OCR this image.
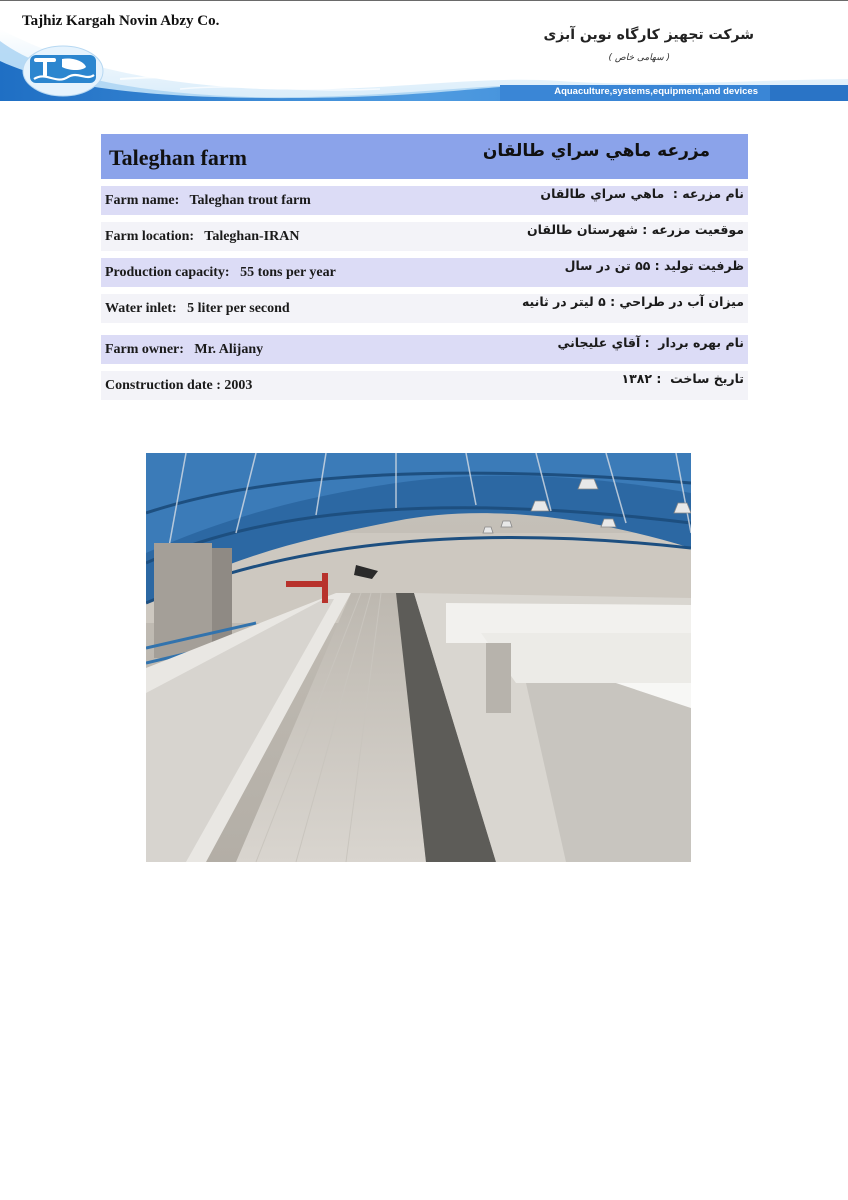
Tajhiz Kargah Novin Abzy Co.
شرکت تجهیز کارگاه نوین آبزی
( سهامی خاص )
Aquaculture,systems,equipment,and devices
Taleghan farm	مزرعه ماهي سراي طالقان
Farm name:   Taleghan trout farm	نام مزرعه :  ماهي سراي طالقان
Farm location:   Taleghan-IRAN	موقعيت مزرعه : شهرستان طالقان
Production capacity:   55 tons per year	ظرفيت توليد : ۵۵ تن در سال
Water inlet:   5 liter per second	ميزان آب در طراحي : ۵ ليتر در ثانيه
Farm owner:   Mr. Alijany	نام بهره بردار  : آقاي عليجاني
Construction date : 2003	تاريخ ساخت  : ۱۳۸۲
